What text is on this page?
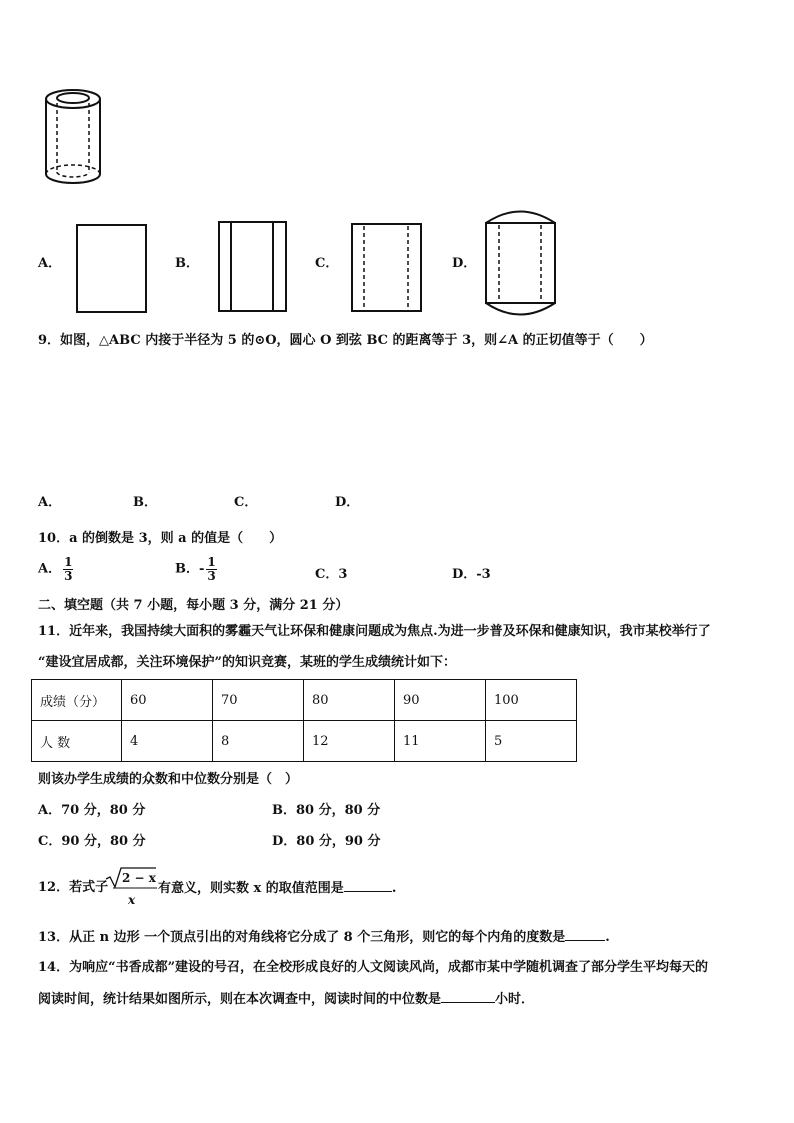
A．	B．	C．	D．
9．如图，△ABC 内接于半径为 5 的⊙O，圆心 O 到弦 BC 的距离等于 3，则∠A 的正切值等于（　　）
A．	B．	C．	D．
10．a 的倒数是 3，则 a 的值是（　　）
A． $\frac{1}{3}$	B．- $\frac{1}{3}$	C．3	D．-3
二、填空题（共 7 小题，每小题 3 分，满分 21 分）
11．近年来，我国持续大面积的雾霾天气让环保和健康问题成为焦点.为进一步普及环保和健康知识，我市某校举行了
“建设宜居成都，关注环境保护”的知识竞赛，某班的学生成绩统计如下：
成绩（分）	60	70	80	90	100
人 数	4	8	12	11	5
则该办学生成绩的众数和中位数分别是（　）
A．70 分，80 分	B．80 分，80 分
C．90 分，80 分	D．80 分，90 分
12．若式子
2 − x
x
有意义，则实数 x 的取值范围是	.
13．从正 n 边形 一个顶点引出的对角线将它分成了 8 个三角形，则它的每个内角的度数是	.
14．为响应“书香成都”建设的号召，在全校形成良好的人文阅读风尚，成都市某中学随机调查了部分学生平均每天的
阅读时间，统计结果如图所示，则在本次调查中，阅读时间的中位数是	小时．
